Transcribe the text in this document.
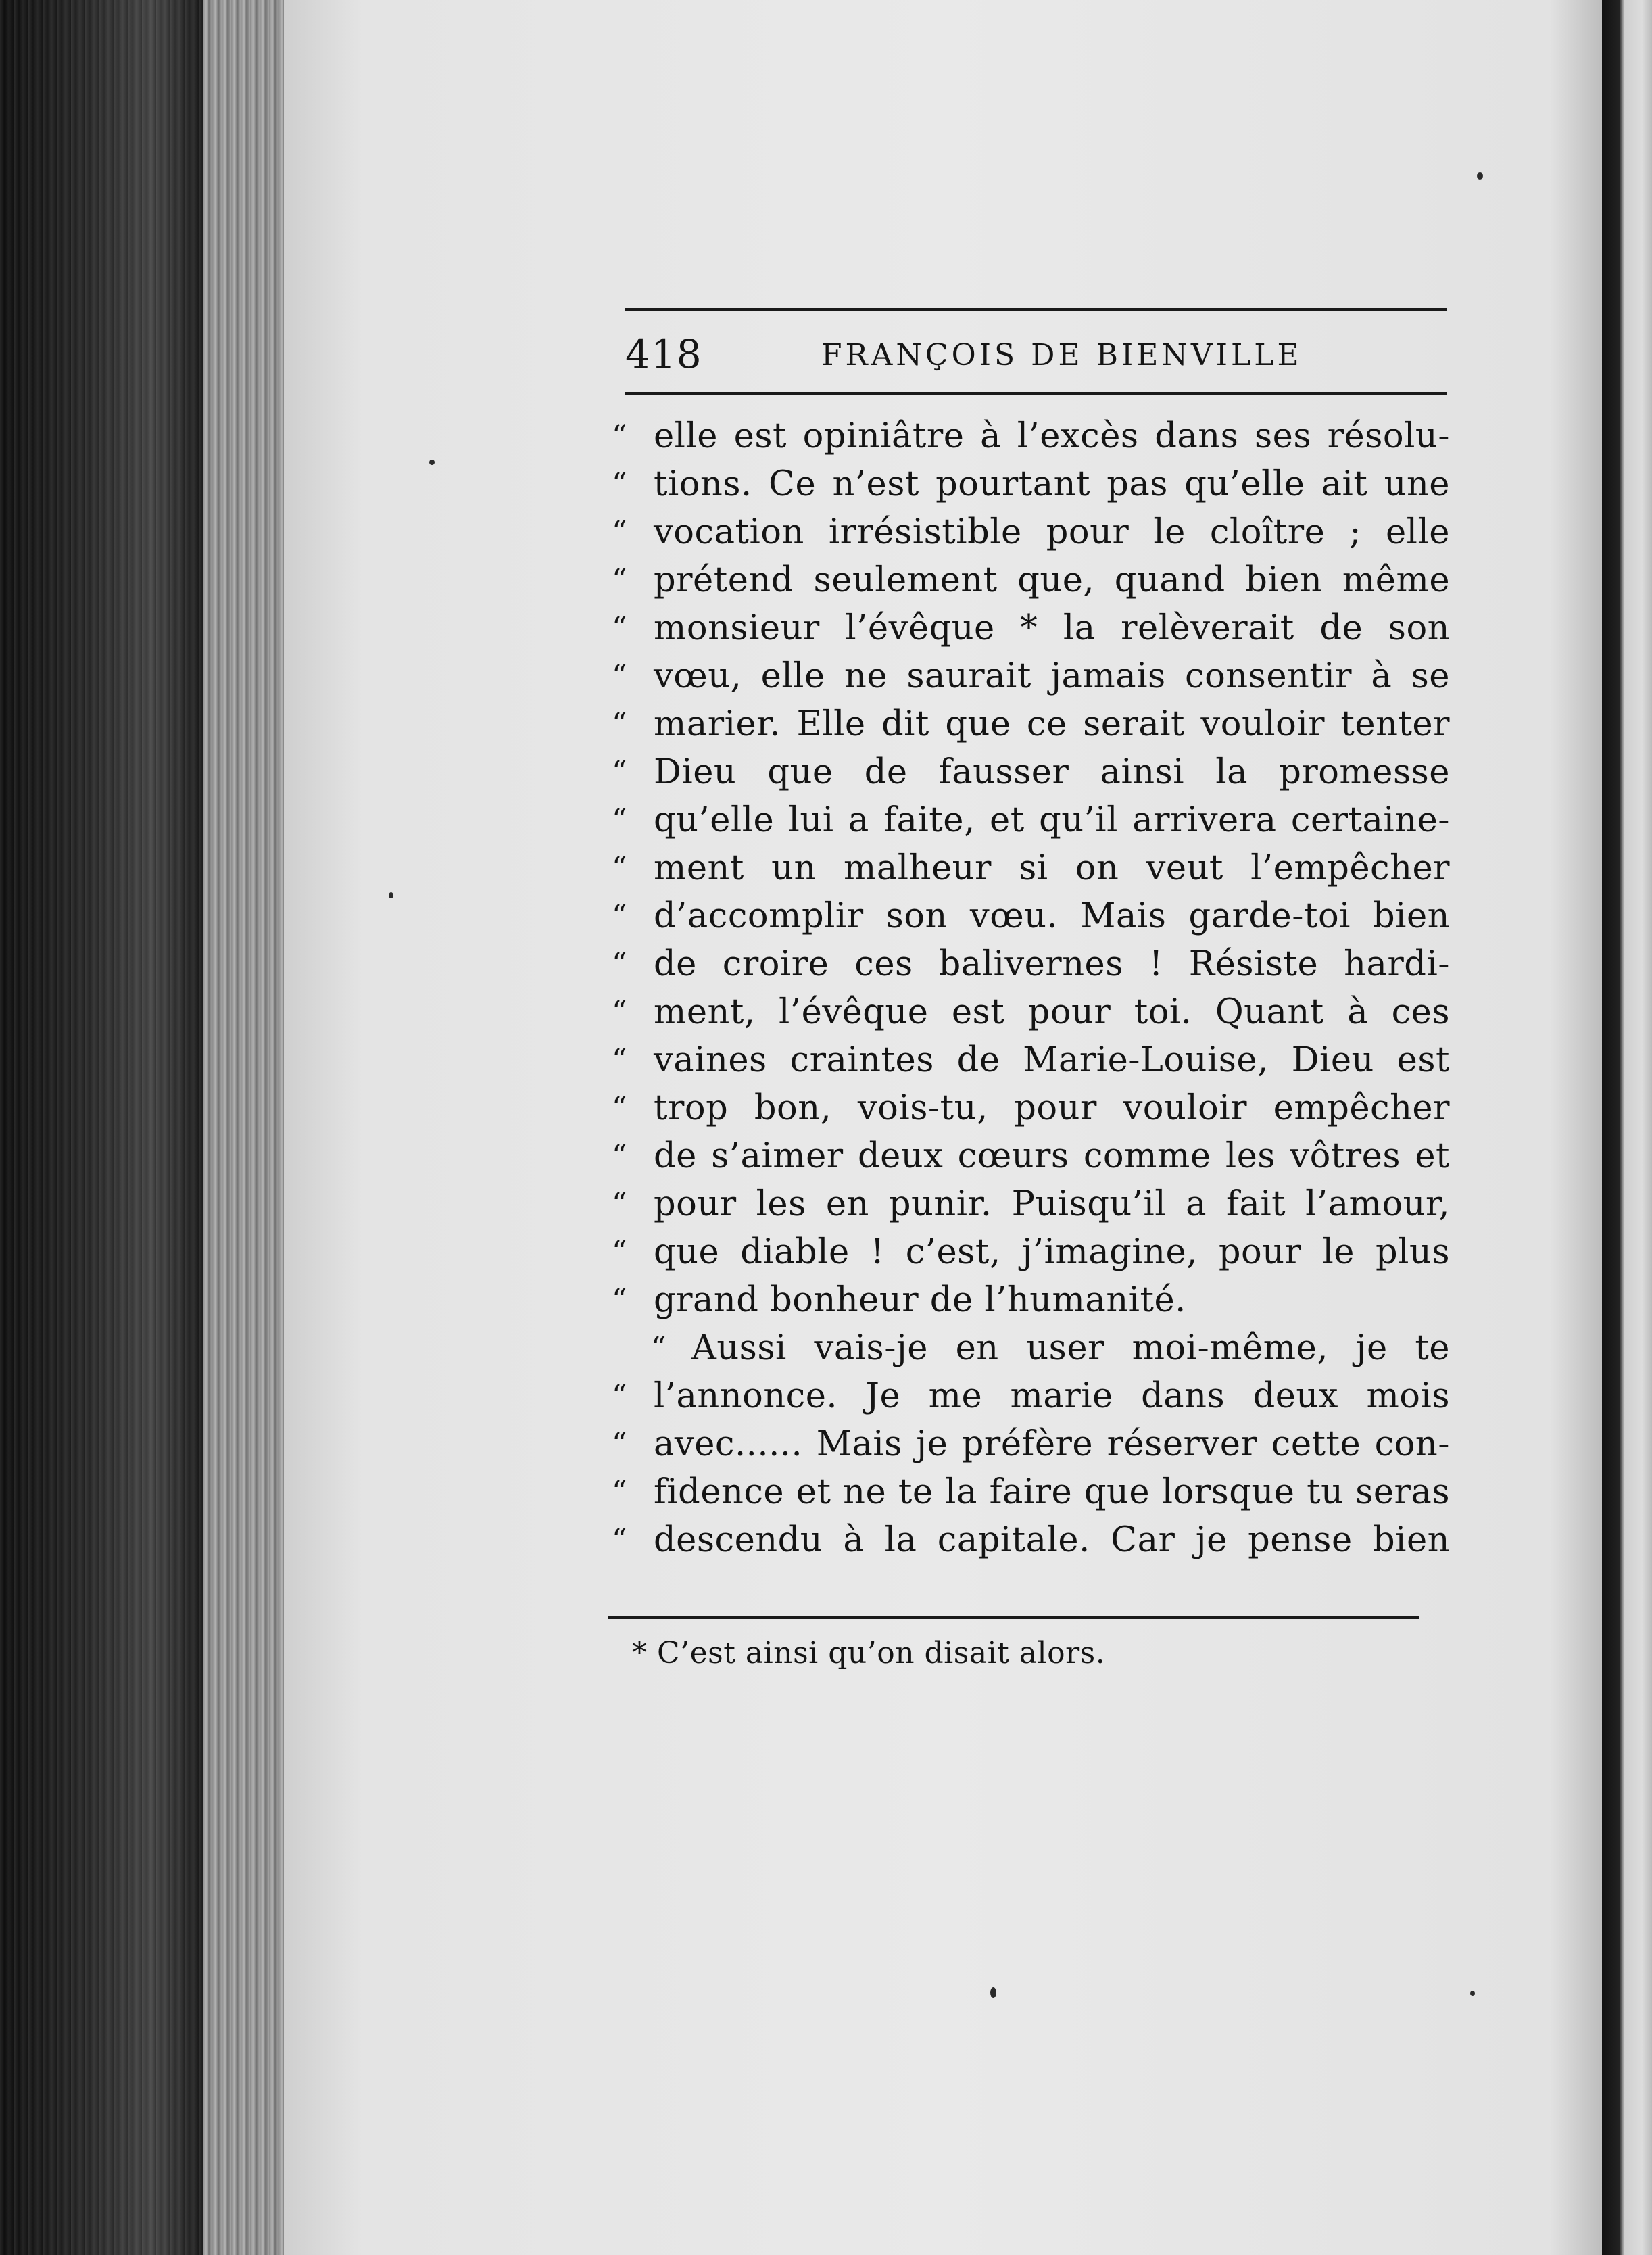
418	FRANÇOIS DE BIENVILLE
“ elle est opiniâtre à l’excès dans ses résolu-
“ tions. Ce n’est pourtant pas qu’elle ait une
“ vocation irrésistible pour le cloître ; elle
“ prétend seulement que, quand bien même
“ monsieur l’évêque * la relèverait de son
“ vœu, elle ne saurait jamais consentir à se
“ marier. Elle dit que ce serait vouloir tenter
“ Dieu que de fausser ainsi la promesse
“ qu’elle lui a faite, et qu’il arrivera certaine-
“ ment un malheur si on veut l’empêcher
“ d’accomplir son vœu. Mais garde-toi bien
“ de croire ces balivernes ! Résiste hardi-
“ ment, l’évêque est pour toi. Quant à ces
“ vaines craintes de Marie-Louise, Dieu est
“ trop bon, vois-tu, pour vouloir empêcher
“ de s’aimer deux cœurs comme les vôtres et
“ pour les en punir. Puisqu’il a fait l’amour,
“ que diable ! c’est, j’imagine, pour le plus
“ grand bonheur de l’humanité.
“ Aussi vais-je en user moi-même, je te
“ l’annonce. Je me marie dans deux mois
“ avec...... Mais je préfère réserver cette con-
“ fidence et ne te la faire que lorsque tu seras
“ descendu à la capitale. Car je pense bien
* C’est ainsi qu’on disait alors.
